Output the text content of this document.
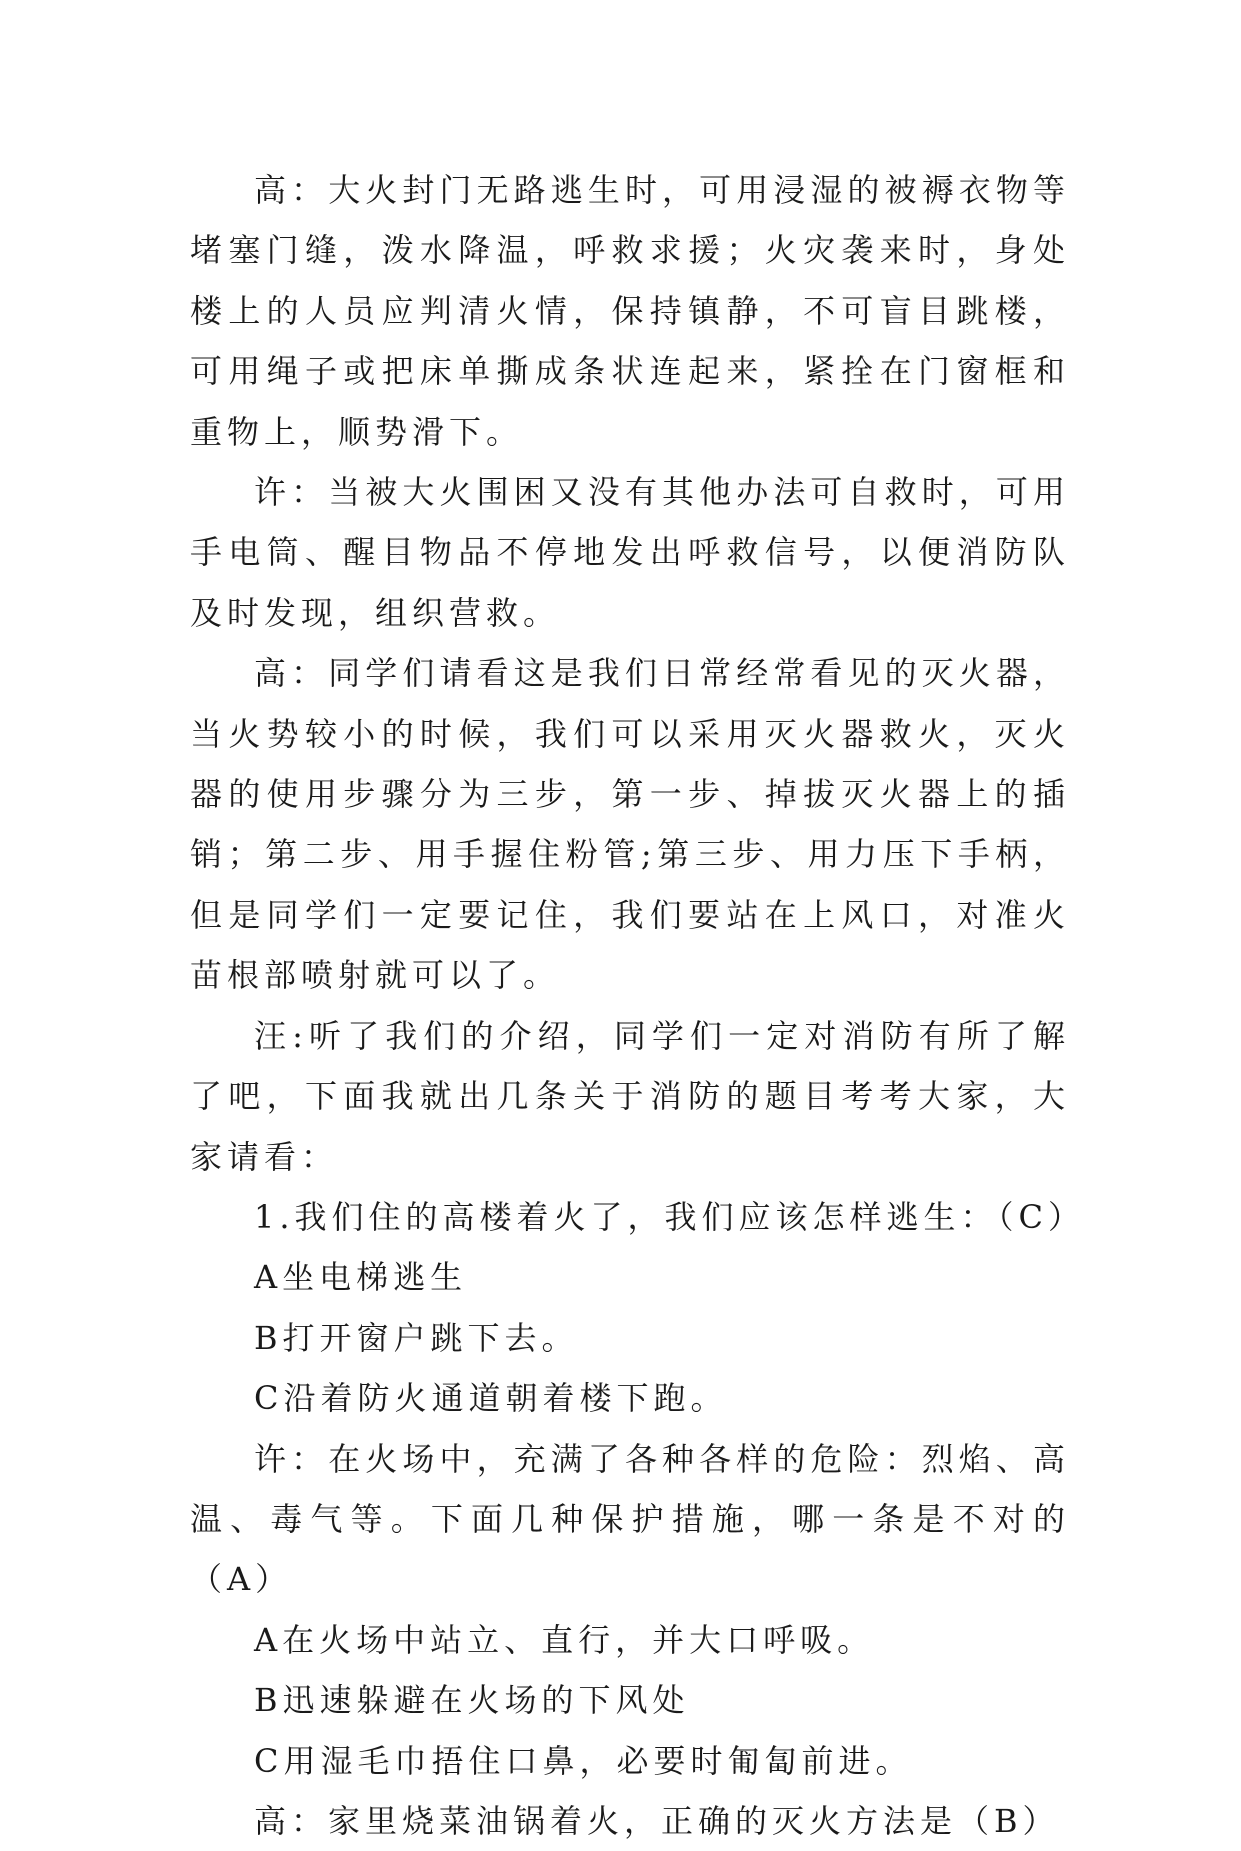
高：大火封门无路逃生时，可用浸湿的被褥衣物等堵塞门缝，泼水降温，呼救求援；火灾袭来时，身处楼上的人员应判清火情，保持镇静，不可盲目跳楼，可用绳子或把床单撕成条状连起来，紧拴在门窗框和重物上，顺势滑下。

许：当被大火围困又没有其他办法可自救时，可用手电筒、醒目物品不停地发出呼救信号，以便消防队及时发现，组织营救。

高：同学们请看这是我们日常经常看见的灭火器，当火势较小的时候，我们可以采用灭火器救火，灭火器的使用步骤分为三步，第一步、掉拔灭火器上的插销；第二步、用手握住粉管;第三步、用力压下手柄，但是同学们一定要记住，我们要站在上风口，对准火苗根部喷射就可以了。

汪:听了我们的介绍，同学们一定对消防有所了解了吧，下面我就出几条关于消防的题目考考大家，大家请看：

1.我们住的高楼着火了，我们应该怎样逃生：（C）

A坐电梯逃生

B打开窗户跳下去。

C沿着防火通道朝着楼下跑。

许：在火场中，充满了各种各样的危险：烈焰、高温、毒气等。下面几种保护措施，哪一条是不对的（A）

A在火场中站立、直行，并大口呼吸。

B迅速躲避在火场的下风处

C用湿毛巾捂住口鼻，必要时匍匐前进。

高：家里烧菜油锅着火，正确的灭火方法是（B）
